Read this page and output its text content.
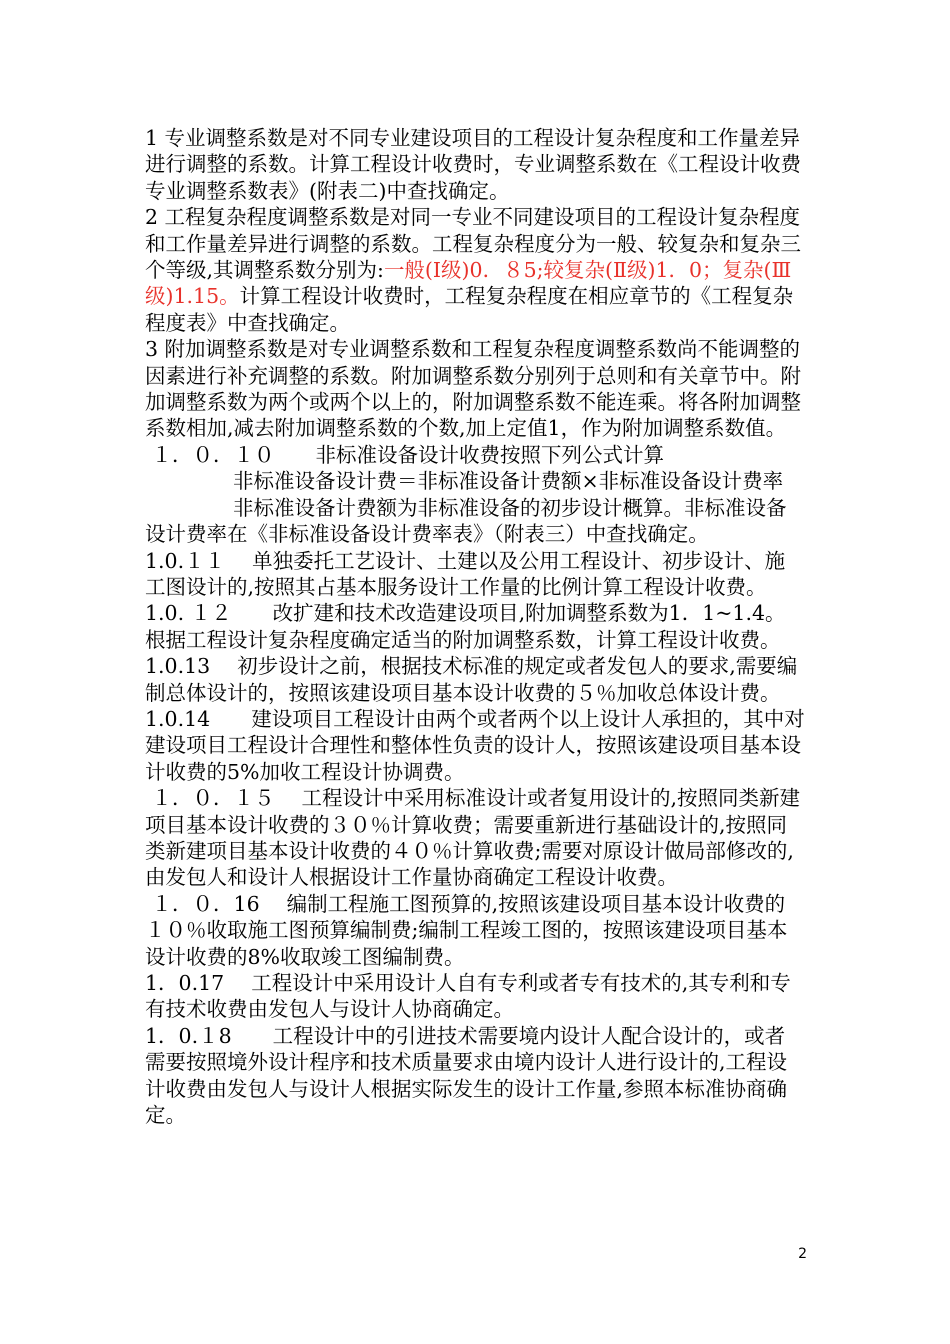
1 专业调整系数是对不同专业建设项目的工程设计复杂程度和工作量差异进行调整的系数。计算工程设计收费时，专业调整系数在《工程设计收费专业调整系数表》(附表二)中查找确定。

2 工程复杂程度调整系数是对同一专业不同建设项目的工程设计复杂程度和工作量差异进行调整的系数。工程复杂程度分为一般、较复杂和复杂三个等级,其调整系数分别为:一般(Ⅰ级)0．８5;较复杂(Ⅱ级)1．0；复杂(Ⅲ级)1.15。计算工程设计收费时，工程复杂程度在相应章节的《工程复杂程度表》中查找确定。

3 附加调整系数是对专业调整系数和工程复杂程度调整系数尚不能调整的因素进行补充调整的系数。附加调整系数分别列于总则和有关章节中。附加调整系数为两个或两个以上的，附加调整系数不能连乘。将各附加调整系数相加,减去附加调整系数的个数,加上定值1，作为附加调整系数值。

１．０．１０　　非标准设备设计收费按照下列公式计算

非标准设备设计费＝非标准设备计费额×非标准设备设计费率

非标准设备计费额为非标准设备的初步设计概算。非标准设备设计费率在《非标准设备设计费率表》（附表三）中查找确定。

1.0.１１　 单独委托工艺设计、土建以及公用工程设计、初步设计、施工图设计的,按照其占基本服务设计工作量的比例计算工程设计收费。

1.0. １２　　改扩建和技术改造建设项目,附加调整系数为1．1~1.4。根据工程设计复杂程度确定适当的附加调整系数，计算工程设计收费。

1.0.13　 初步设计之前，根据技术标准的规定或者发包人的要求,需要编制总体设计的，按照该建设项目基本设计收费的５％加收总体设计费。

1.0.14　　建设项目工程设计由两个或者两个以上设计人承担的，其中对建设项目工程设计合理性和整体性负责的设计人，按照该建设项目基本设计收费的5%加收工程设计协调费。

１．０．１５　 工程设计中采用标准设计或者复用设计的,按照同类新建项目基本设计收费的３０％计算收费；需要重新进行基础设计的,按照同类新建项目基本设计收费的４０％计算收费;需要对原设计做局部修改的,由发包人和设计人根据设计工作量协商确定工程设计收费。

１．０．16　 编制工程施工图预算的,按照该建设项目基本设计收费的１０％收取施工图预算编制费;编制工程竣工图的，按照该建设项目基本设计收费的8%收取竣工图编制费。

1．0.17　 工程设计中采用设计人自有专利或者专有技术的,其专利和专有技术收费由发包人与设计人协商确定。

1．0.１8　　工程设计中的引进技术需要境内设计人配合设计的，或者需要按照境外设计程序和技术质量要求由境内设计人进行设计的,工程设计收费由发包人与设计人根据实际发生的设计工作量,参照本标准协商确定。

2
